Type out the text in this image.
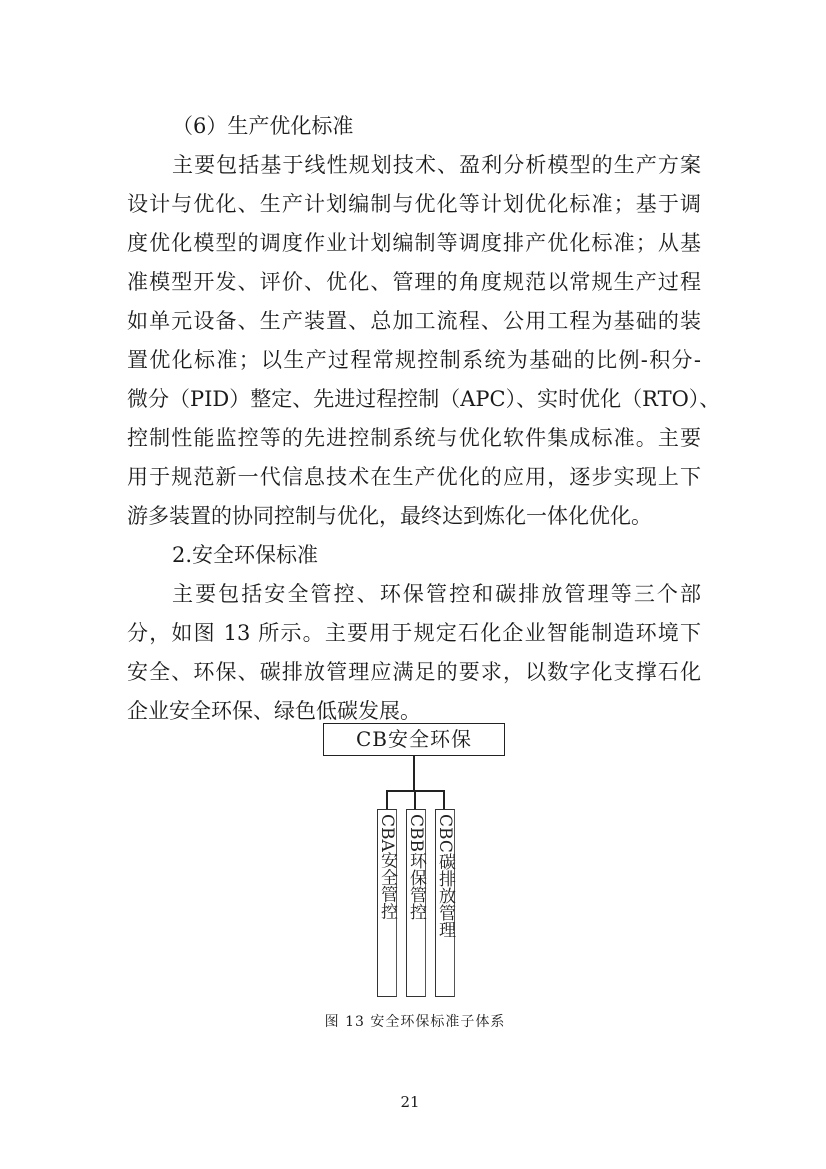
（6）生产优化标准
主要包括基于线性规划技术、盈利分析模型的生产方案
设计与优化、生产计划编制与优化等计划优化标准；基于调
度优化模型的调度作业计划编制等调度排产优化标准；从基
准模型开发、评价、优化、管理的角度规范以常规生产过程
如单元设备、生产装置、总加工流程、公用工程为基础的装
置优化标准；以生产过程常规控制系统为基础的比例-积分-
微分（PID）整定、先进过程控制（APC）、实时优化（RTO）、
控制性能监控等的先进控制系统与优化软件集成标准。主要
用于规范新一代信息技术在生产优化的应用，逐步实现上下
游多装置的协同控制与优化，最终达到炼化一体化优化。
2.安全环保标准
主要包括安全管控、环保管控和碳排放管理等三个部
分，如图 13 所示。主要用于规定石化企业智能制造环境下
安全、环保、碳排放管理应满足的要求，以数字化支撑石化
企业安全环保、绿色低碳发展。
CB安全环保
CBA安全管控 CBB环保管控 CBC碳排放管理
图 13 安全环保标准子体系
21
